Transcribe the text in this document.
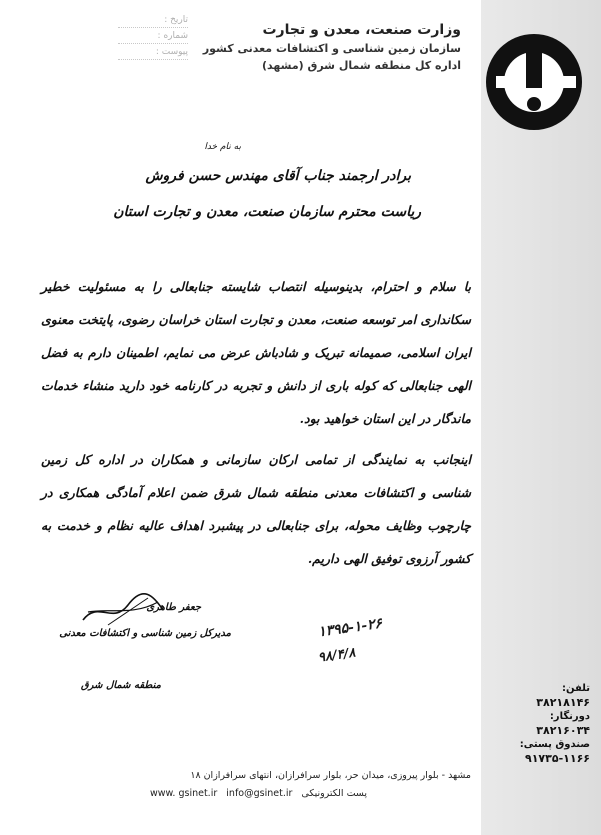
تاریخ :
شماره :
پیوست :
وزارت صنعت، معدن و تجارت
سازمان زمین شناسی و اکتشافات معدنی کشور
اداره کل منطقه شمال شرق (مشهد)
به نام خدا
برادر ارجمند جناب آقای مهندس حسن فروش
ریاست محترم سازمان صنعت، معدن و تجارت استان

با سلام و احترام، بدینوسیله انتصاب شایسته جنابعالی را به مسئولیت خطیر سکانداری امر توسعه صنعت، معدن و تجارت استان خراسان رضوی، پایتخت معنوی ایران اسلامی، صمیمانه تبریک و شادباش عرض می نمایم، اطمینان دارم به فضل الهی جنابعالی که کوله باری از دانش و تجربه در کارنامه خود دارید منشاء خدمات ماندگار در این استان خواهید بود.

اینجانب به نمایندگی از تمامی ارکان سازمانی و همکاران در اداره کل زمین شناسی و اکتشافات معدنی منطقه شمال شرق ضمن اعلام آمادگی همکاری در چارچوب وظایف محوله، برای جنابعالی در پیشبرد اهداف عالیه نظام و خدمت به کشور آرزوی توفیق الهی داریم.

جعفر طاهری
مدیرکل زمین شناسی و اکتشافات معدنی
منطقه شمال شرق
۱۳۹۵-۱-۲۶
۹۸/۴/۸
تلفن:
۳۸۲۱۸۱۴۶
دورنگار:
۳۸۲۱۶۰۳۴
صندوق پستی:
۹۱۷۳۵-۱۱۶۶
مشهد - بلوار پیروزی، میدان حر، بلوار سرافرازان، انتهای سرافرازان ۱۸
www. gsinet.ir info@gsinet.ir پست الکترونیکی
